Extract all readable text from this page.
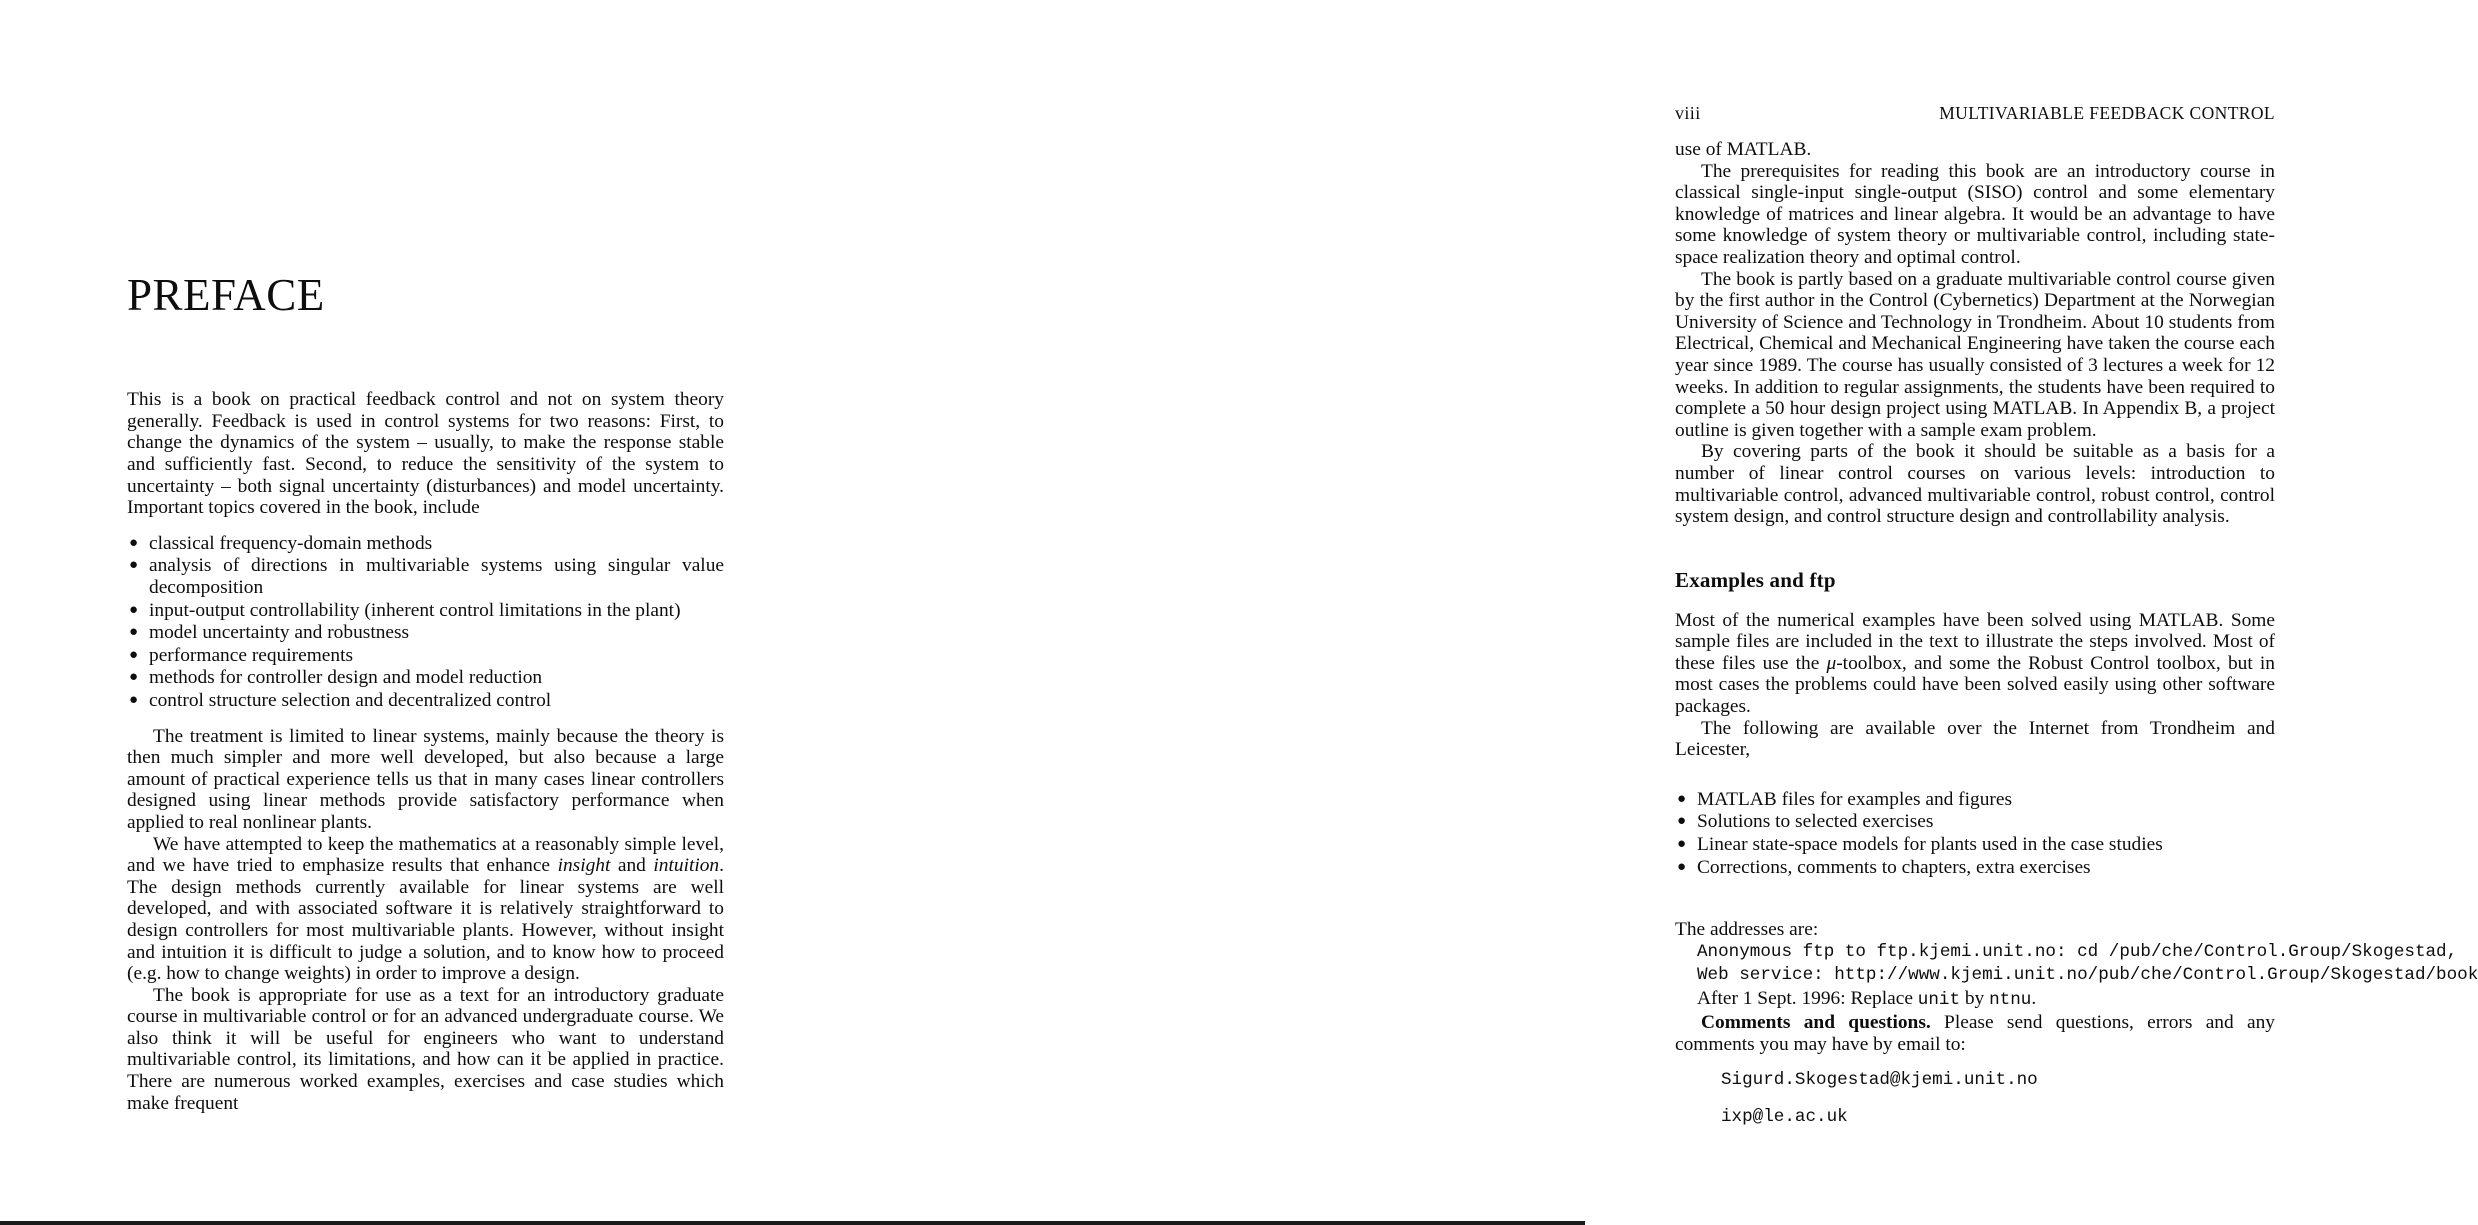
PREFACE

This is a book on practical feedback control and not on system theory generally. Feedback is used in control systems for two reasons: First, to change the dynamics of the system – usually, to make the response stable and sufficiently fast. Second, to reduce the sensitivity of the system to uncertainty – both signal uncertainty (disturbances) and model uncertainty. Important topics covered in the book, include

● classical frequency-domain methods
● analysis of directions in multivariable systems using singular value decomposition
● input-output controllability (inherent control limitations in the plant)
● model uncertainty and robustness
● performance requirements
● methods for controller design and model reduction
● control structure selection and decentralized control

The treatment is limited to linear systems, mainly because the theory is then much simpler and more well developed, but also because a large amount of practical experience tells us that in many cases linear controllers designed using linear methods provide satisfactory performance when applied to real nonlinear plants.

We have attempted to keep the mathematics at a reasonably simple level, and we have tried to emphasize results that enhance insight and intuition. The design methods currently available for linear systems are well developed, and with associated software it is relatively straightforward to design controllers for most multivariable plants. However, without insight and intuition it is difficult to judge a solution, and to know how to proceed (e.g. how to change weights) in order to improve a design.

The book is appropriate for use as a text for an introductory graduate course in multivariable control or for an advanced undergraduate course. We also think it will be useful for engineers who want to understand multivariable control, its limitations, and how can it be applied in practice. There are numerous worked examples, exercises and case studies which make frequent

viii	MULTIVARIABLE FEEDBACK CONTROL

use of MATLAB.

The prerequisites for reading this book are an introductory course in classical single-input single-output (SISO) control and some elementary knowledge of matrices and linear algebra. It would be an advantage to have some knowledge of system theory or multivariable control, including state-space realization theory and optimal control.

The book is partly based on a graduate multivariable control course given by the first author in the Control (Cybernetics) Department at the Norwegian University of Science and Technology in Trondheim. About 10 students from Electrical, Chemical and Mechanical Engineering have taken the course each year since 1989. The course has usually consisted of 3 lectures a week for 12 weeks. In addition to regular assignments, the students have been required to complete a 50 hour design project using MATLAB. In Appendix B, a project outline is given together with a sample exam problem.

By covering parts of the book it should be suitable as a basis for a number of linear control courses on various levels: introduction to multivariable control, advanced multivariable control, robust control, control system design, and control structure design and controllability analysis.

Examples and ftp

Most of the numerical examples have been solved using MATLAB. Some sample files are included in the text to illustrate the steps involved. Most of these files use the μ-toolbox, and some the Robust Control toolbox, but in most cases the problems could have been solved easily using other software packages.

The following are available over the Internet from Trondheim and Leicester,

● MATLAB files for examples and figures
● Solutions to selected exercises
● Linear state-space models for plants used in the case studies
● Corrections, comments to chapters, extra exercises
The addresses are:
Anonymous ftp to ftp.kjemi.unit.no: cd /pub/che/Control.Group/Skogestad,
Web service: http://www.kjemi.unit.no/pub/che/Control.Group/Skogestad/book
After 1 Sept. 1996: Replace unit by ntnu.

Comments and questions. Please send questions, errors and any comments you may have by email to:

Sigurd.Skogestad@kjemi.unit.no
ixp@le.ac.uk
